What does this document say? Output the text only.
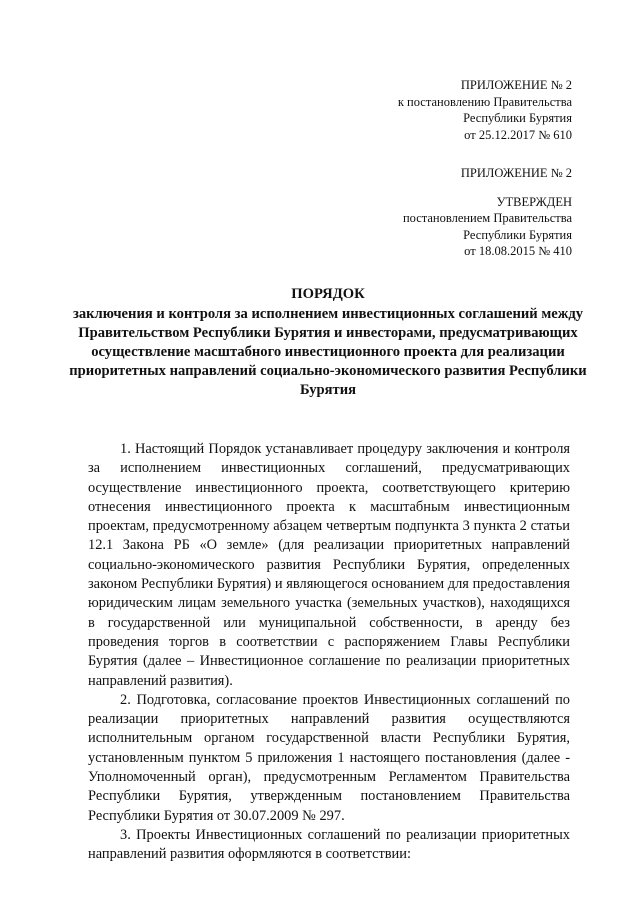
ПРИЛОЖЕНИЕ № 2
к постановлению Правительства
Республики Бурятия
от 25.12.2017 № 610
ПРИЛОЖЕНИЕ № 2
УТВЕРЖДЕН
постановлением Правительства
Республики Бурятия
от 18.08.2015 № 410
ПОРЯДОК
заключения и контроля за исполнением инвестиционных соглашений между Правительством Республики Бурятия и инвесторами, предусматривающих осуществление масштабного инвестиционного проекта для реализации приоритетных направлений социально-экономического развития Республики Бурятия

1. Настоящий Порядок устанавливает процедуру заключения и контроля за исполнением инвестиционных соглашений, предусматривающих осуществление инвестиционного проекта, соответствующего критерию отнесения инвестиционного проекта к масштабным инвестиционным проектам, предусмотренному абзацем четвертым подпункта 3 пункта 2 статьи 12.1 Закона РБ «О земле» (для реализации приоритетных направлений социально-экономического развития Республики Бурятия, определенных законом Республики Бурятия) и являющегося основанием для предоставления юридическим лицам земельного участка (земельных участков), находящихся в государственной или муниципальной собственности, в аренду без проведения торгов в соответствии с распоряжением Главы Республики Бурятия (далее – Инвестиционное соглашение по реализации приоритетных направлений развития).

2. Подготовка, согласование проектов Инвестиционных соглашений по реализации приоритетных направлений развития осуществляются исполнительным органом государственной власти Республики Бурятия, установленным пунктом 5 приложения 1 настоящего постановления (далее - Уполномоченный орган), предусмотренным Регламентом Правительства Республики Бурятия, утвержденным постановлением Правительства Республики Бурятия от 30.07.2009 № 297.

3. Проекты Инвестиционных соглашений по реализации приоритетных направлений развития оформляются в соответствии:
